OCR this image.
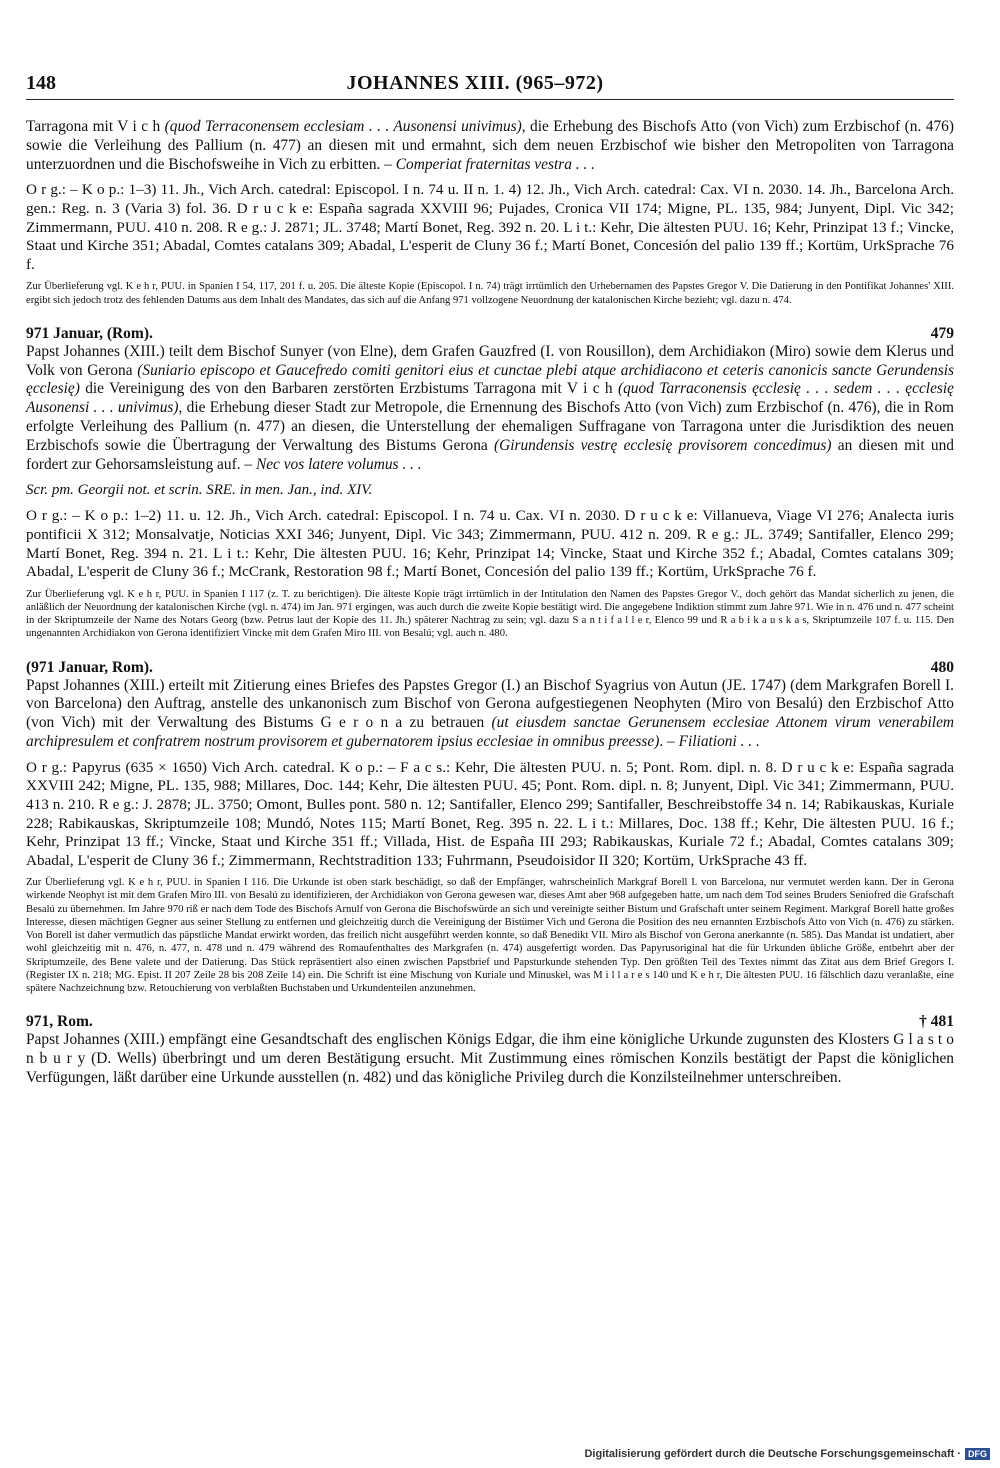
148	JOHANNES XIII. (965–972)

Tarragona mit V i c h (quod Terraconensem ecclesiam . . . Ausonensi univimus), die Erhebung des Bischofs Atto (von Vich) zum Erzbischof (n. 476) sowie die Verleihung des Pallium (n. 477) an diesen mit und ermahnt, sich dem neuen Erzbischof wie bisher den Metropoliten von Tarragona unterzuordnen und die Bischofsweihe in Vich zu erbitten. – Comperiat fraternitas vestra . . .

O r g.: – K o p.: 1–3) 11. Jh., Vich Arch. catedral: Episcopol. I n. 74 u. II n. 1. 4) 12. Jh., Vich Arch. catedral: Cax. VI n. 2030. 14. Jh., Barcelona Arch. gen.: Reg. n. 3 (Varia 3) fol. 36. D r u c k e: España sagrada XXVIII 96; Pujades, Cronica VII 174; Migne, PL. 135, 984; Junyent, Dipl. Vic 342; Zimmermann, PUU. 410 n. 208. R e g.: J. 2871; JL. 3748; Martí Bonet, Reg. 392 n. 20. L i t.: Kehr, Die ältesten PUU. 16; Kehr, Prinzipat 13 f.; Vincke, Staat und Kirche 351; Abadal, Comtes catalans 309; Abadal, L'esperit de Cluny 36 f.; Martí Bonet, Concesión del palio 139 ff.; Kortüm, UrkSprache 76 f.

Zur Überlieferung vgl. K e h r, PUU. in Spanien I 54, 117, 201 f. u. 205. Die älteste Kopie (Episcopol. I n. 74) trägt irrtümlich den Urhebernamen des Papstes Gregor V. Die Datierung in den Pontifikat Johannes' XIII. ergibt sich jedoch trotz des fehlenden Datums aus dem Inhalt des Mandates, das sich auf die Anfang 971 vollzogene Neuordnung der katalonischen Kirche bezieht; vgl. dazu n. 474.

971 Januar, (Rom).	479

Papst Johannes (XIII.) teilt dem Bischof Sunyer (von Elne), dem Grafen Gauzfred (I. von Rousillon), dem Archidiakon (Miro) sowie dem Klerus und Volk von Gerona (Suniario episcopo et Gaucefredo comiti genitori eius et cunctae plebi atque archidiacono et ceteris canonicis sancte Gerundensis ęcclesię) die Vereinigung des von den Barbaren zerstörten Erzbistums Tarragona mit V i c h (quod Tarraconensis ęcclesię . . . sedem . . . ęcclesię Ausonensi . . . univimus), die Erhebung dieser Stadt zur Metropole, die Ernennung des Bischofs Atto (von Vich) zum Erzbischof (n. 476), die in Rom erfolgte Verleihung des Pallium (n. 477) an diesen, die Unterstellung der ehemaligen Suffragane von Tarragona unter die Jurisdiktion des neuen Erzbischofs sowie die Übertragung der Verwaltung des Bistums Gerona (Girundensis vestrę ecclesię provisorem concedimus) an diesen mit und fordert zur Gehorsamsleistung auf. – Nec vos latere volumus . . .

Scr. pm. Georgii not. et scrin. SRE. in men. Jan., ind. XIV.

O r g.: – K o p.: 1–2) 11. u. 12. Jh., Vich Arch. catedral: Episcopol. I n. 74 u. Cax. VI n. 2030. D r u c k e: Villanueva, Viage VI 276; Analecta iuris pontificii X 312; Monsalvatje, Noticias XXI 346; Junyent, Dipl. Vic 343; Zimmermann, PUU. 412 n. 209. R e g.: JL. 3749; Santifaller, Elenco 299; Martí Bonet, Reg. 394 n. 21. L i t.: Kehr, Die ältesten PUU. 16; Kehr, Prinzipat 14; Vincke, Staat und Kirche 352 f.; Abadal, Comtes catalans 309; Abadal, L'esperit de Cluny 36 f.; McCrank, Restoration 98 f.; Martí Bonet, Concesión del palio 139 ff.; Kortüm, UrkSprache 76 f.

Zur Überlieferung vgl. K e h r, PUU. in Spanien I 117 (z. T. zu berichtigen). Die älteste Kopie trägt irrtümlich in der Intitulation den Namen des Papstes Gregor V., doch gehört das Mandat sicherlich zu jenen, die anläßlich der Neuordnung der katalonischen Kirche (vgl. n. 474) im Jan. 971 ergingen, was auch durch die zweite Kopie bestätigt wird. Die angegebene Indiktion stimmt zum Jahre 971. Wie in n. 476 und n. 477 scheint in der Skriptumzeile der Name des Notars Georg (bzw. Petrus laut der Kopie des 11. Jh.) späterer Nachtrag zu sein; vgl. dazu S a n t i f a l l e r, Elenco 99 und R a b i k a u s k a s, Skriptumzeile 107 f. u. 115. Den ungenannten Archidiakon von Gerona identifiziert Vincke mit dem Grafen Miro III. von Besalú; vgl. auch n. 480.

(971 Januar, Rom).	480

Papst Johannes (XIII.) erteilt mit Zitierung eines Briefes des Papstes Gregor (I.) an Bischof Syagrius von Autun (JE. 1747) (dem Markgrafen Borell I. von Barcelona) den Auftrag, anstelle des unkanonisch zum Bischof von Gerona aufgestiegenen Neophyten (Miro von Besalú) den Erzbischof Atto (von Vich) mit der Verwaltung des Bistums G e r o n a zu betrauen (ut eiusdem sanctae Gerunensem ecclesiae Attonem virum venerabilem archipresulem et confratrem nostrum provisorem et gubernatorem ipsius ecclesiae in omnibus preesse). – Filiationi . . .

O r g.: Papyrus (635 × 1650) Vich Arch. catedral. K o p.: – F a c s.: Kehr, Die ältesten PUU. n. 5; Pont. Rom. dipl. n. 8. D r u c k e: España sagrada XXVIII 242; Migne, PL. 135, 988; Millares, Doc. 144; Kehr, Die ältesten PUU. 45; Pont. Rom. dipl. n. 8; Junyent, Dipl. Vic 341; Zimmermann, PUU. 413 n. 210. R e g.: J. 2878; JL. 3750; Omont, Bulles pont. 580 n. 12; Santifaller, Elenco 299; Santifaller, Beschreibstoffe 34 n. 14; Rabikauskas, Kuriale 228; Rabikauskas, Skriptumzeile 108; Mundó, Notes 115; Martí Bonet, Reg. 395 n. 22. L i t.: Millares, Doc. 138 ff.; Kehr, Die ältesten PUU. 16 f.; Kehr, Prinzipat 13 ff.; Vincke, Staat und Kirche 351 ff.; Villada, Hist. de España III 293; Rabikauskas, Kuriale 72 f.; Abadal, Comtes catalans 309; Abadal, L'esperit de Cluny 36 f.; Zimmermann, Rechtstradition 133; Fuhrmann, Pseudoisidor II 320; Kortüm, UrkSprache 43 ff.

Zur Überlieferung vgl. K e h r, PUU. in Spanien I 116. Die Urkunde ist oben stark beschädigt, so daß der Empfänger, wahrscheinlich Markgraf Borell I. von Barcelona, nur vermutet werden kann. Der in Gerona wirkende Neophyt ist mit dem Grafen Miro III. von Besalú zu identifizieren, der Archidiakon von Gerona gewesen war, dieses Amt aber 968 aufgegeben hatte, um nach dem Tod seines Bruders Seniofred die Grafschaft Besalú zu übernehmen. Im Jahre 970 riß er nach dem Tode des Bischofs Arnulf von Gerona die Bischofswürde an sich und vereinigte seither Bistum und Grafschaft unter seinem Regiment. Markgraf Borell hatte großes Interesse, diesen mächtigen Gegner aus seiner Stellung zu entfernen und gleichzeitig durch die Vereinigung der Bistümer Vich und Gerona die Position des neu ernannten Erzbischofs Atto von Vich (n. 476) zu stärken. Von Borell ist daher vermutlich das päpstliche Mandat erwirkt worden, das freilich nicht ausgeführt werden konnte, so daß Benedikt VII. Miro als Bischof von Gerona anerkannte (n. 585). Das Mandat ist undatiert, aber wohl gleichzeitig mit n. 476, n. 477, n. 478 und n. 479 während des Romaufenthaltes des Markgrafen (n. 474) ausgefertigt worden. Das Papyrusoriginal hat die für Urkunden übliche Größe, entbehrt aber der Skriptumzeile, des Bene valete und der Datierung. Das Stück repräsentiert also einen zwischen Papstbrief und Papsturkunde stehenden Typ. Den größten Teil des Textes nimmt das Zitat aus dem Brief Gregors I. (Register IX n. 218; MG. Epist. II 207 Zeile 28 bis 208 Zeile 14) ein. Die Schrift ist eine Mischung von Kuriale und Minuskel, was M i l l a r e s 140 und K e h r, Die ältesten PUU. 16 fälschlich dazu veranlaßte, eine spätere Nachzeichnung bzw. Retouchierung von verblaßten Buchstaben und Urkundenteilen anzunehmen.

971, Rom.	† 481

Papst Johannes (XIII.) empfängt eine Gesandtschaft des englischen Königs Edgar, die ihm eine königliche Urkunde zugunsten des Klosters G l a s t o n b u r y (D. Wells) überbringt und um deren Bestätigung ersucht. Mit Zustimmung eines römischen Konzils bestätigt der Papst die königlichen Verfügungen, läßt darüber eine Urkunde ausstellen (n. 482) und das königliche Privileg durch die Konzilsteilnehmer unterschreiben.

Digitalisierung gefördert durch die Deutsche Forschungsgemeinschaft · DFG
